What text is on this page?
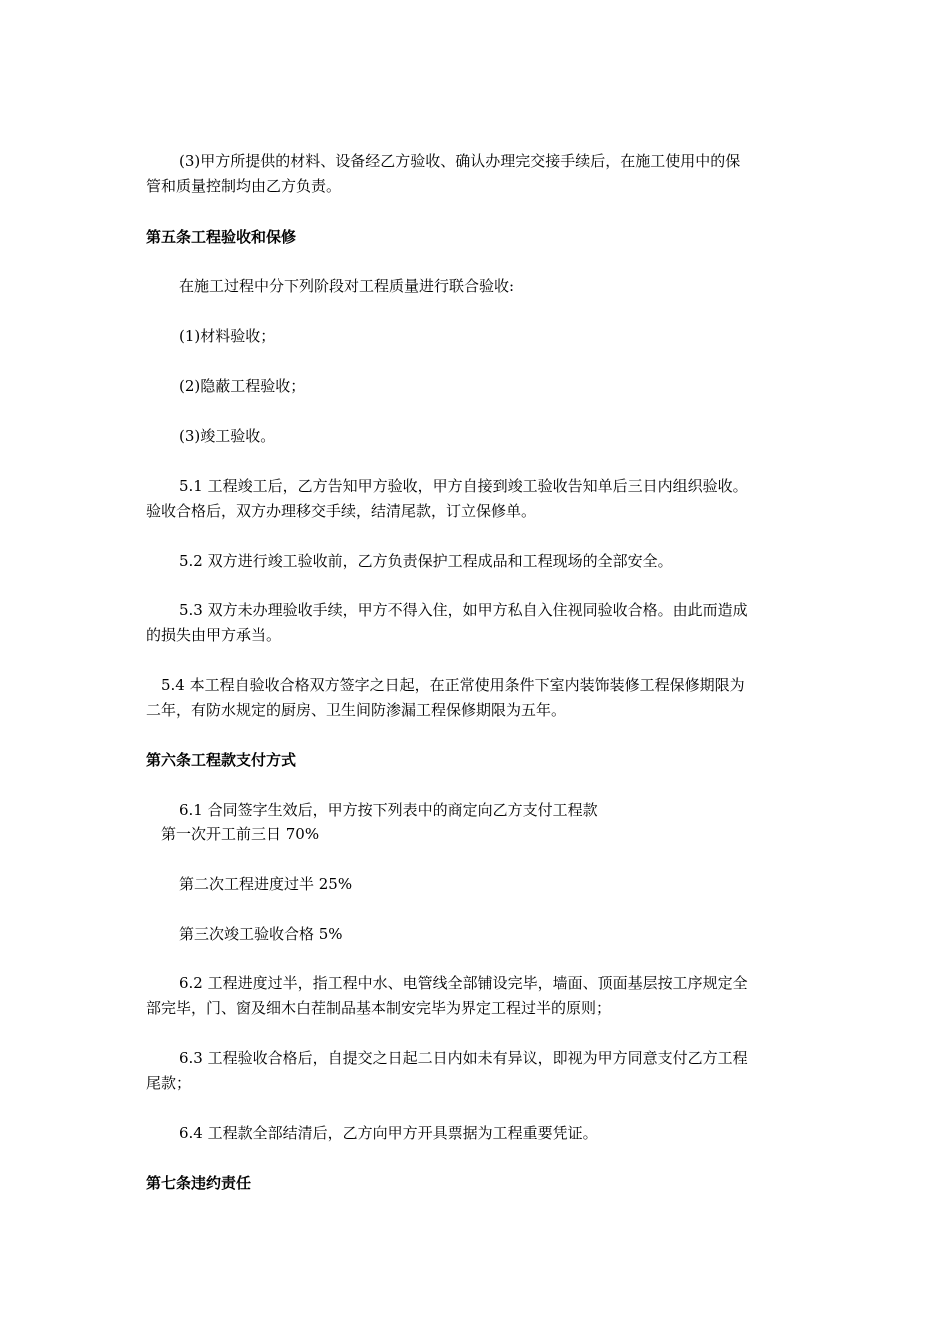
(3)甲方所提供的材料、设备经乙方验收、确认办理完交接手续后，在施工使用中的保
管和质量控制均由乙方负责。
第五条工程验收和保修
在施工过程中分下列阶段对工程质量进行联合验收:
(1)材料验收；
(2)隐蔽工程验收；
(3)竣工验收。
5.1 工程竣工后，乙方告知甲方验收，甲方自接到竣工验收告知单后三日内组织验收。
验收合格后，双方办理移交手续，结清尾款，订立保修单。
5.2 双方进行竣工验收前，乙方负责保护工程成品和工程现场的全部安全。
5.3 双方未办理验收手续，甲方不得入住，如甲方私自入住视同验收合格。由此而造成
的损失由甲方承当。
5.4 本工程自验收合格双方签字之日起，在正常使用条件下室内装饰装修工程保修期限为
二年，有防水规定的厨房、卫生间防渗漏工程保修期限为五年。
第六条工程款支付方式
6.1 合同签字生效后，甲方按下列表中的商定向乙方支付工程款
第一次开工前三日 70%
第二次工程进度过半 25%
第三次竣工验收合格 5%
6.2 工程进度过半，指工程中水、电管线全部铺设完毕，墙面、顶面基层按工序规定全
部完毕，门、窗及细木白茬制品基本制安完毕为界定工程过半的原则；
6.3 工程验收合格后，自提交之日起二日内如未有异议，即视为甲方同意支付乙方工程
尾款；
6.4 工程款全部结清后，乙方向甲方开具票据为工程重要凭证。
第七条违约责任
